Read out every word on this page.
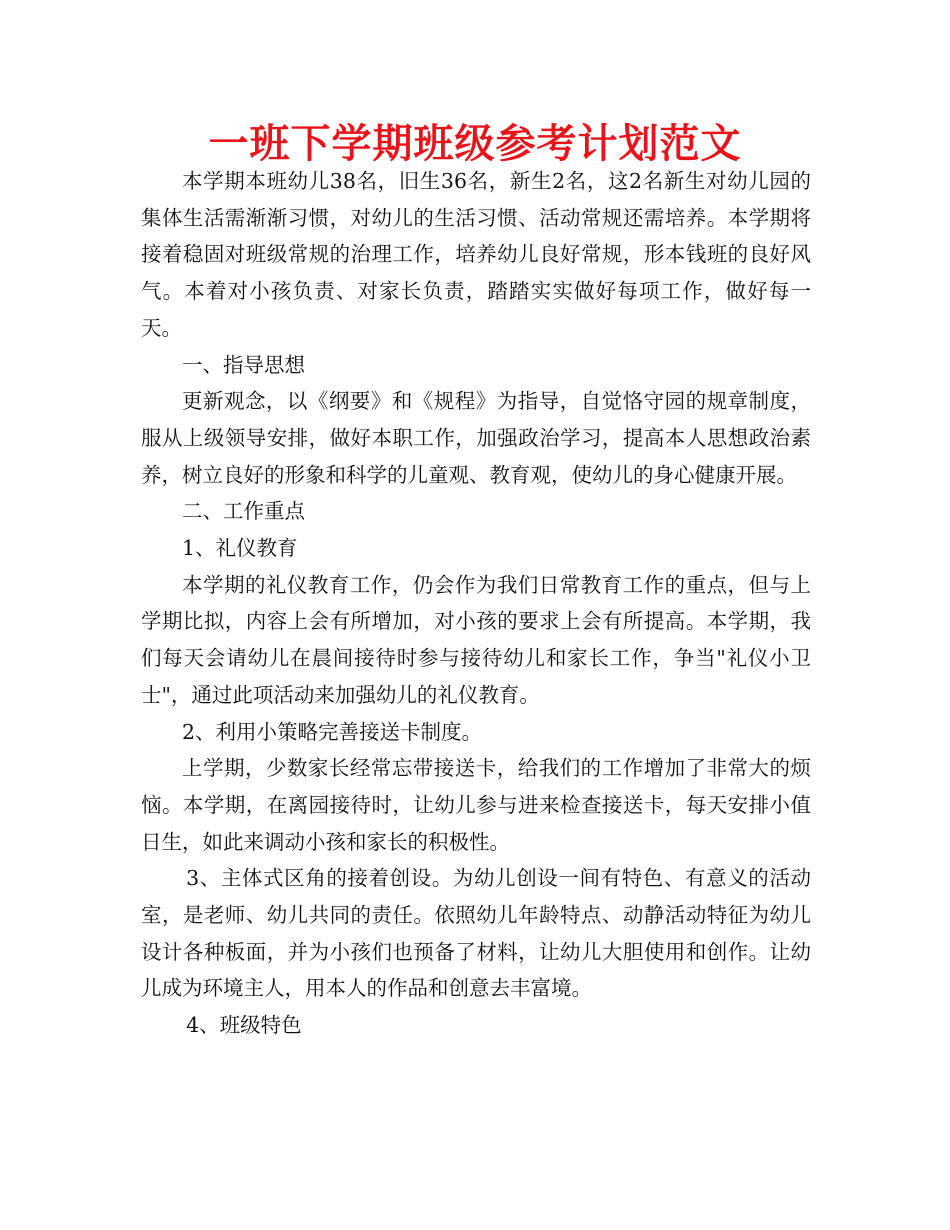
一班下学期班级参考计划范文

本学期本班幼儿38名，旧生36名，新生2名，这2名新生对幼儿园的集体生活需渐渐习惯，对幼儿的生活习惯、活动常规还需培养。本学期将接着稳固对班级常规的治理工作，培养幼儿良好常规，形本钱班的良好风气。本着对小孩负责、对家长负责，踏踏实实做好每项工作，做好每一天。

一、指导思想

更新观念，以《纲要》和《规程》为指导，自觉恪守园的规章制度，服从上级领导安排，做好本职工作，加强政治学习，提高本人思想政治素养，树立良好的形象和科学的儿童观、教育观，使幼儿的身心健康开展。

二、工作重点

1、礼仪教育

本学期的礼仪教育工作，仍会作为我们日常教育工作的重点，但与上学期比拟，内容上会有所增加，对小孩的要求上会有所提高。本学期，我们每天会请幼儿在晨间接待时参与接待幼儿和家长工作，争当"礼仪小卫士"，通过此项活动来加强幼儿的礼仪教育。

2、利用小策略完善接送卡制度。

上学期，少数家长经常忘带接送卡，给我们的工作增加了非常大的烦恼。本学期，在离园接待时，让幼儿参与进来检查接送卡，每天安排小值日生，如此来调动小孩和家长的积极性。

3、主体式区角的接着创设。为幼儿创设一间有特色、有意义的活动室，是老师、幼儿共同的责任。依照幼儿年龄特点、动静活动特征为幼儿设计各种板面，并为小孩们也预备了材料，让幼儿大胆使用和创作。让幼儿成为环境主人，用本人的作品和创意去丰富境。

4、班级特色
